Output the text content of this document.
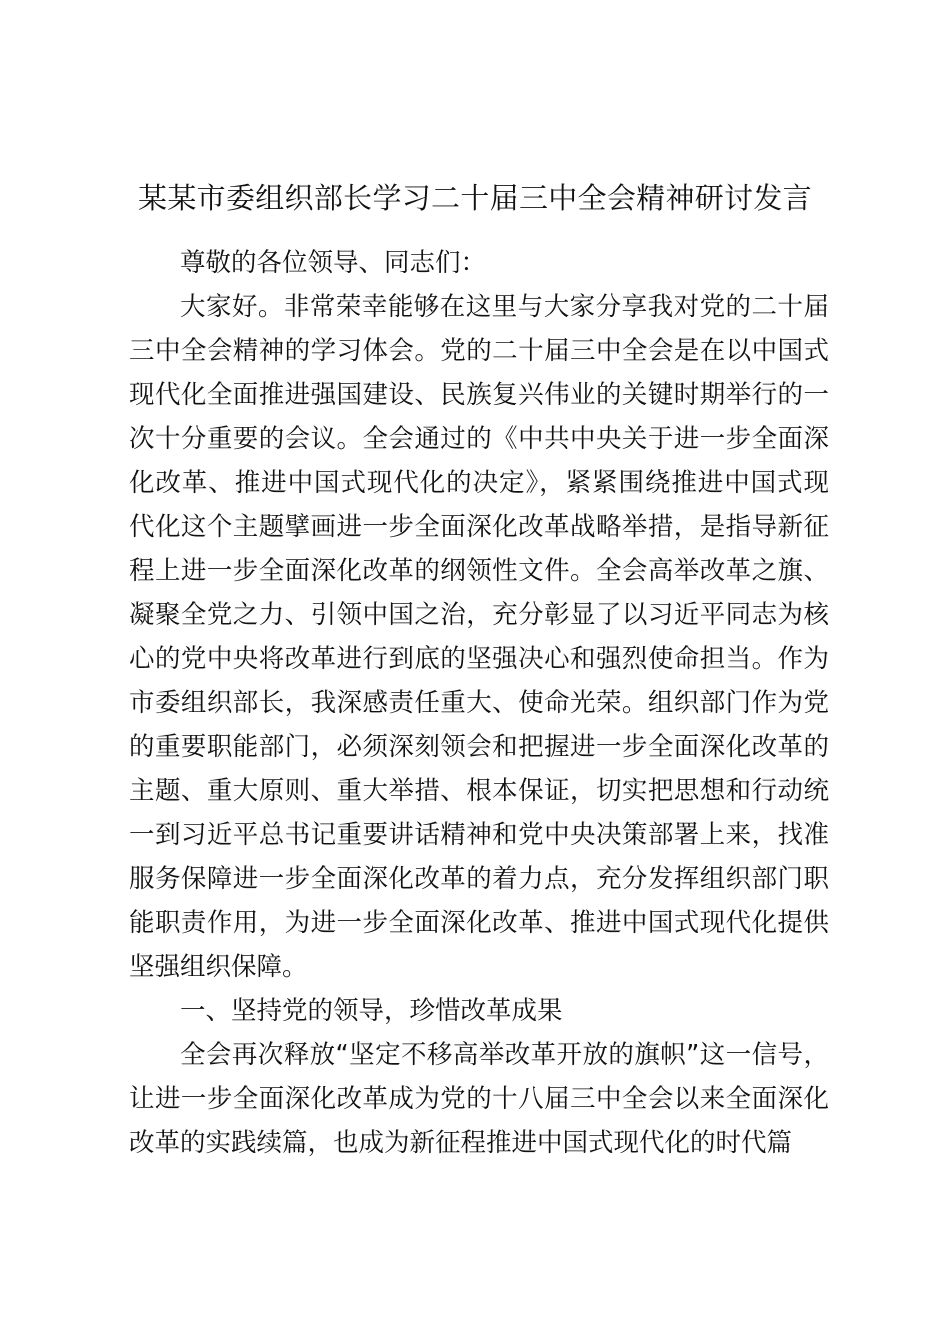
某某市委组织部长学习二十届三中全会精神研讨发言

尊敬的各位领导、同志们：

大家好。非常荣幸能够在这里与大家分享我对党的二十届三中全会精神的学习体会。党的二十届三中全会是在以中国式现代化全面推进强国建设、民族复兴伟业的关键时期举行的一次十分重要的会议。全会通过的《中共中央关于进一步全面深化改革、推进中国式现代化的决定》，紧紧围绕推进中国式现代化这个主题擘画进一步全面深化改革战略举措，是指导新征程上进一步全面深化改革的纲领性文件。全会高举改革之旗、凝聚全党之力、引领中国之治，充分彰显了以习近平同志为核心的党中央将改革进行到底的坚强决心和强烈使命担当。作为市委组织部长，我深感责任重大、使命光荣。组织部门作为党的重要职能部门，必须深刻领会和把握进一步全面深化改革的主题、重大原则、重大举措、根本保证，切实把思想和行动统一到习近平总书记重要讲话精神和党中央决策部署上来，找准服务保障进一步全面深化改革的着力点，充分发挥组织部门职能职责作用，为进一步全面深化改革、推进中国式现代化提供坚强组织保障。

一、坚持党的领导，珍惜改革成果

全会再次释放“坚定不移高举改革开放的旗帜”这一信号，让进一步全面深化改革成为党的十八届三中全会以来全面深化改革的实践续篇，也成为新征程推进中国式现代化的时代篇
